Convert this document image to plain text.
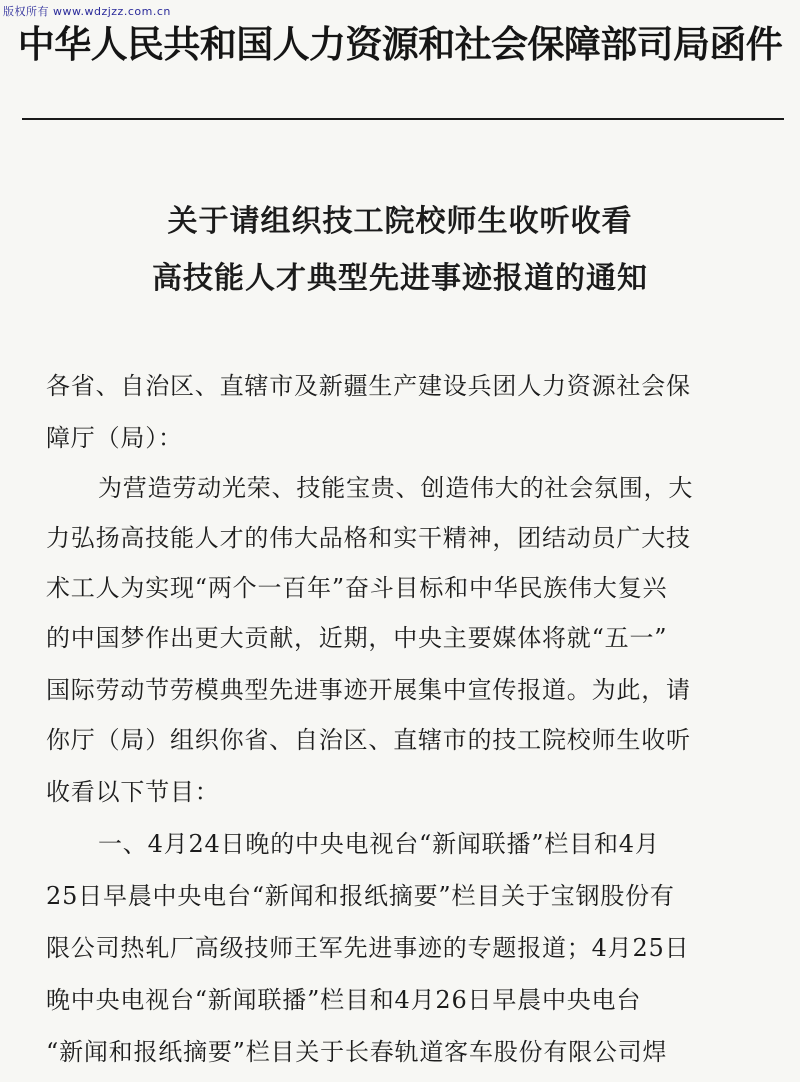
版权所有 www.wdzjzz.com.cn
中华人民共和国人力资源和社会保障部司局函件
关于请组织技工院校师生收听收看
高技能人才典型先进事迹报道的通知
各省、自治区、直辖市及新疆生产建设兵团人力资源社会保
障厅（局）：
为营造劳动光荣、技能宝贵、创造伟大的社会氛围，大
力弘扬高技能人才的伟大品格和实干精神，团结动员广大技
术工人为实现“两个一百年”奋斗目标和中华民族伟大复兴
的中国梦作出更大贡献，近期，中央主要媒体将就“五一”
国际劳动节劳模典型先进事迹开展集中宣传报道。为此，请
你厅（局）组织你省、自治区、直辖市的技工院校师生收听
收看以下节目：
一、4月24日晚的中央电视台“新闻联播”栏目和4月
25日早晨中央电台“新闻和报纸摘要”栏目关于宝钢股份有
限公司热轧厂高级技师王军先进事迹的专题报道；4月25日
晚中央电视台“新闻联播”栏目和4月26日早晨中央电台
“新闻和报纸摘要”栏目关于长春轨道客车股份有限公司焊
